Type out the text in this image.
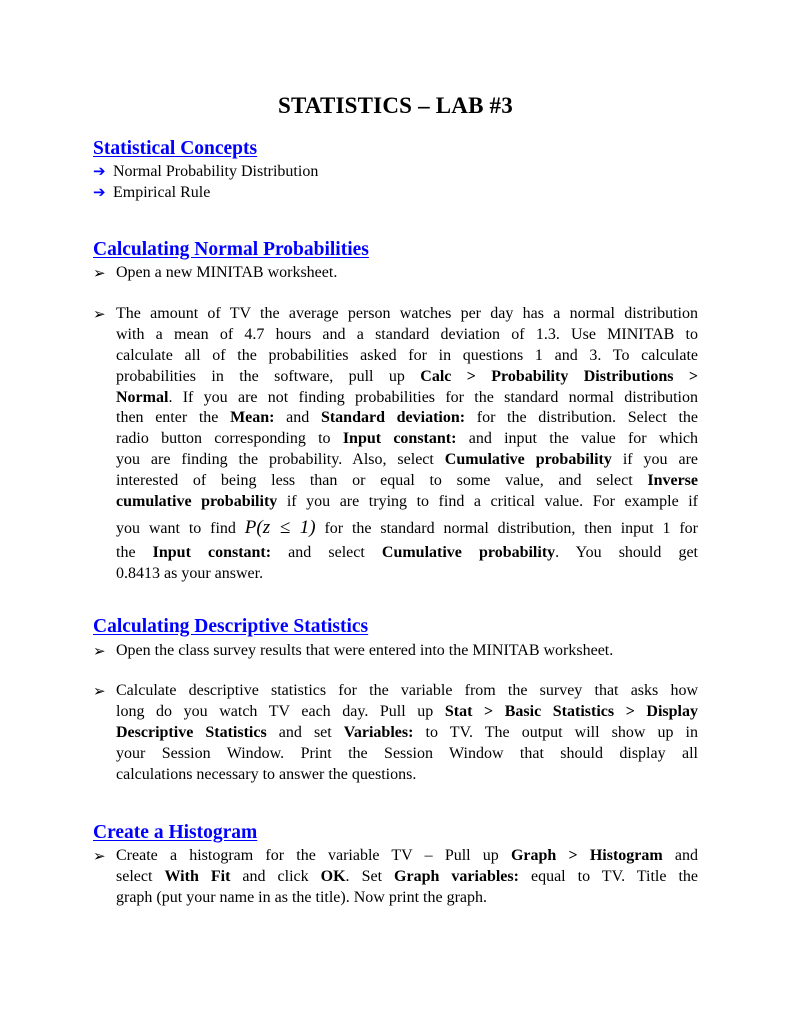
STATISTICS – LAB #3
Statistical Concepts
➔ Normal Probability Distribution
➔ Empirical Rule
Calculating Normal Probabilities
➢ Open a new MINITAB worksheet.
➢ The amount of TV the average person watches per day has a normal distribution
with a mean of 4.7 hours and a standard deviation of 1.3. Use MINITAB to
calculate all of the probabilities asked for in questions 1 and 3. To calculate
probabilities in the software, pull up Calc > Probability Distributions >
Normal. If you are not finding probabilities for the standard normal distribution
then enter the Mean: and Standard deviation: for the distribution. Select the
radio button corresponding to Input constant: and input the value for which
you are finding the probability. Also, select Cumulative probability if you are
interested of being less than or equal to some value, and select Inverse
cumulative probability if you are trying to find a critical value. For example if
you want to find P(z ≤ 1) for the standard normal distribution, then input 1 for
the Input constant: and select Cumulative probability. You should get
0.8413 as your answer.
Calculating Descriptive Statistics
➢ Open the class survey results that were entered into the MINITAB worksheet.
➢ Calculate descriptive statistics for the variable from the survey that asks how
long do you watch TV each day. Pull up Stat > Basic Statistics > Display
Descriptive Statistics and set Variables: to TV. The output will show up in
your Session Window. Print the Session Window that should display all
calculations necessary to answer the questions.
Create a Histogram
➢ Create a histogram for the variable TV – Pull up Graph > Histogram and
select With Fit and click OK. Set Graph variables: equal to TV. Title the
graph (put your name in as the title). Now print the graph.
